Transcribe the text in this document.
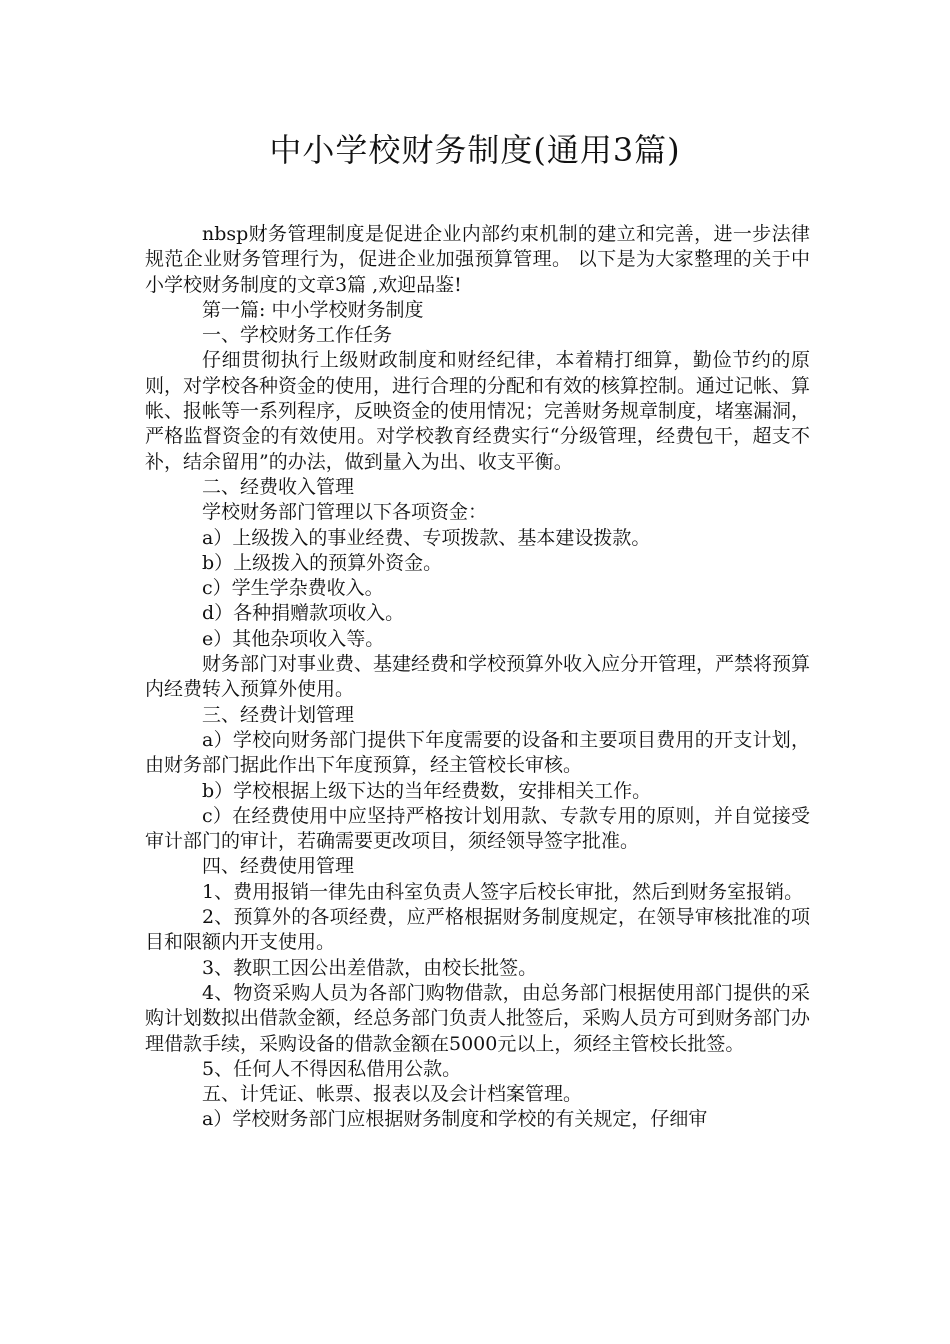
中小学校财务制度(通用3篇)

nbsp财务管理制度是促进企业内部约束机制的建立和完善，进一步法律规范企业财务管理行为，促进企业加强预算管理。 以下是为大家整理的关于中小学校财务制度的文章3篇 ,欢迎品鉴!

第一篇: 中小学校财务制度

一、学校财务工作任务

仔细贯彻执行上级财政制度和财经纪律，本着精打细算，勤俭节约的原则，对学校各种资金的使用，进行合理的分配和有效的核算控制。通过记帐、算帐、报帐等一系列程序，反映资金的使用情况；完善财务规章制度，堵塞漏洞，严格监督资金的有效使用。对学校教育经费实行“分级管理，经费包干，超支不补，结余留用”的办法，做到量入为出、收支平衡。

二、经费收入管理

学校财务部门管理以下各项资金：

a）上级拨入的事业经费、专项拨款、基本建设拨款。

b）上级拨入的预算外资金。

c）学生学杂费收入。

d）各种捐赠款项收入。

e）其他杂项收入等。

财务部门对事业费、基建经费和学校预算外收入应分开管理，严禁将预算内经费转入预算外使用。

三、经费计划管理

a）学校向财务部门提供下年度需要的设备和主要项目费用的开支计划，由财务部门据此作出下年度预算，经主管校长审核。

b）学校根据上级下达的当年经费数，安排相关工作。

c）在经费使用中应坚持严格按计划用款、专款专用的原则，并自觉接受审计部门的审计，若确需要更改项目，须经领导签字批准。

四、经费使用管理

1、费用报销一律先由科室负责人签字后校长审批，然后到财务室报销。

2、预算外的各项经费，应严格根据财务制度规定，在领导审核批准的项目和限额内开支使用。

3、教职工因公出差借款，由校长批签。

4、物资采购人员为各部门购物借款，由总务部门根据使用部门提供的采购计划数拟出借款金额，经总务部门负责人批签后，采购人员方可到财务部门办理借款手续，采购设备的借款金额在5000元以上，须经主管校长批签。

5、任何人不得因私借用公款。

五、计凭证、帐票、报表以及会计档案管理。

a）学校财务部门应根据财务制度和学校的有关规定，仔细审
